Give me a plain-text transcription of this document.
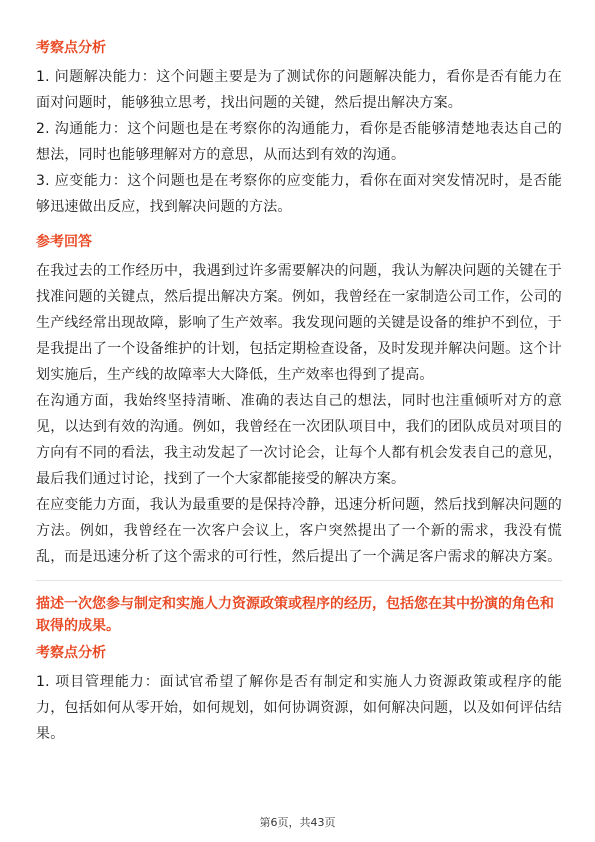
考察点分析

1. 问题解决能力：这个问题主要是为了测试你的问题解决能力，看你是否有能力在面对问题时，能够独立思考，找出问题的关键，然后提出解决方案。

2. 沟通能力：这个问题也是在考察你的沟通能力，看你是否能够清楚地表达自己的想法，同时也能够理解对方的意思，从而达到有效的沟通。

3. 应变能力：这个问题也是在考察你的应变能力，看你在面对突发情况时，是否能够迅速做出反应，找到解决问题的方法。

参考回答

在我过去的工作经历中，我遇到过许多需要解决的问题，我认为解决问题的关键在于找准问题的关键点，然后提出解决方案。例如，我曾经在一家制造公司工作，公司的生产线经常出现故障，影响了生产效率。我发现问题的关键是设备的维护不到位，于是我提出了一个设备维护的计划，包括定期检查设备，及时发现并解决问题。这个计划实施后，生产线的故障率大大降低，生产效率也得到了提高。

在沟通方面，我始终坚持清晰、准确的表达自己的想法，同时也注重倾听对方的意见，以达到有效的沟通。例如，我曾经在一次团队项目中，我们的团队成员对项目的方向有不同的看法，我主动发起了一次讨论会，让每个人都有机会发表自己的意见，最后我们通过讨论，找到了一个大家都能接受的解决方案。

在应变能力方面，我认为最重要的是保持冷静，迅速分析问题，然后找到解决问题的方法。例如，我曾经在一次客户会议上，客户突然提出了一个新的需求，我没有慌乱，而是迅速分析了这个需求的可行性，然后提出了一个满足客户需求的解决方案。

描述一次您参与制定和实施人力资源政策或程序的经历，包括您在其中扮演的角色和取得的成果。
考察点分析

1. 项目管理能力：面试官希望了解你是否有制定和实施人力资源政策或程序的能力，包括如何从零开始，如何规划，如何协调资源，如何解决问题，以及如何评估结果。

第6页，共43页
